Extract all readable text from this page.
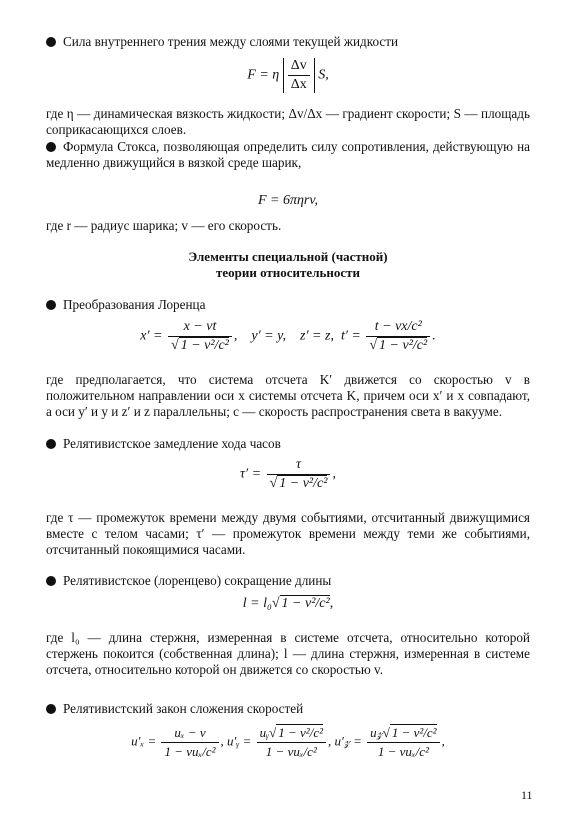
Сила внутреннего трения между слоями текущей жидкости
F = η $\frac{\Delta v}{\Delta x} S$,
где η — динамическая вязкость жидкости; Δv/Δx — градиент скорости; S — площадь соприкасающихся слоев.
Формула Стокса, позволяющая определить силу сопротивления, действующую на медленно движущийся в вязкой среде шарик,
F = 6πηrv,
где r — радиус шарика; v — его скорость.
Элементы специальной (частной)
теории относительности
Преобразования Лоренца
$x' = \frac{x - vt}{\text{√ 1 − v²/c²}}$ ,    y′ = y, z′ = z, $t' = \frac{\text{t − vx/c²}}{\text{√ 1 − v²/c²}}$ .
где предполагается, что система отсчета K′ движется со скоростью v в положительном направлении оси x системы отсчета K, причем оси x′ и x совпадают, а оси y′ и y и z′ и z параллельны; c — скорость распространения света в вакууме.
Релятивистское замедление хода часов
$\tau' = \frac{\tau}{\text{√ 1 − v²/c²}}$ ,
где τ — промежуток времени между двумя событиями, отсчитанный движущимися вместе с телом часами; τ′ — промежуток времени между теми же событиями, отсчитанный покоящимися часами.
Релятивистское (лоренцево) сокращение длины
l = l₀√ 1 − v²/c²,
где l₀ — длина стержня, измеренная в системе отсчета, относительно которой стержень покоится (собственная длина); l — длина стержня, измеренная в системе отсчета, относительно которой он движется со скоростью v.
Релятивистский закон сложения скоростей
$u'_x = \frac{\text{uₓ − v}}{\text{1 − vuₓ/c²}}$ , u′ᵧ = $\frac{\text{uᵧ√ 1 − v²/c²}}{\text{1 − vuₓ/c²}}$ , u′𝓏 = $\frac{\text{u𝓏√ 1 − v²/c²}}{\text{1 − vuₓ/c²}}$ ,
11
